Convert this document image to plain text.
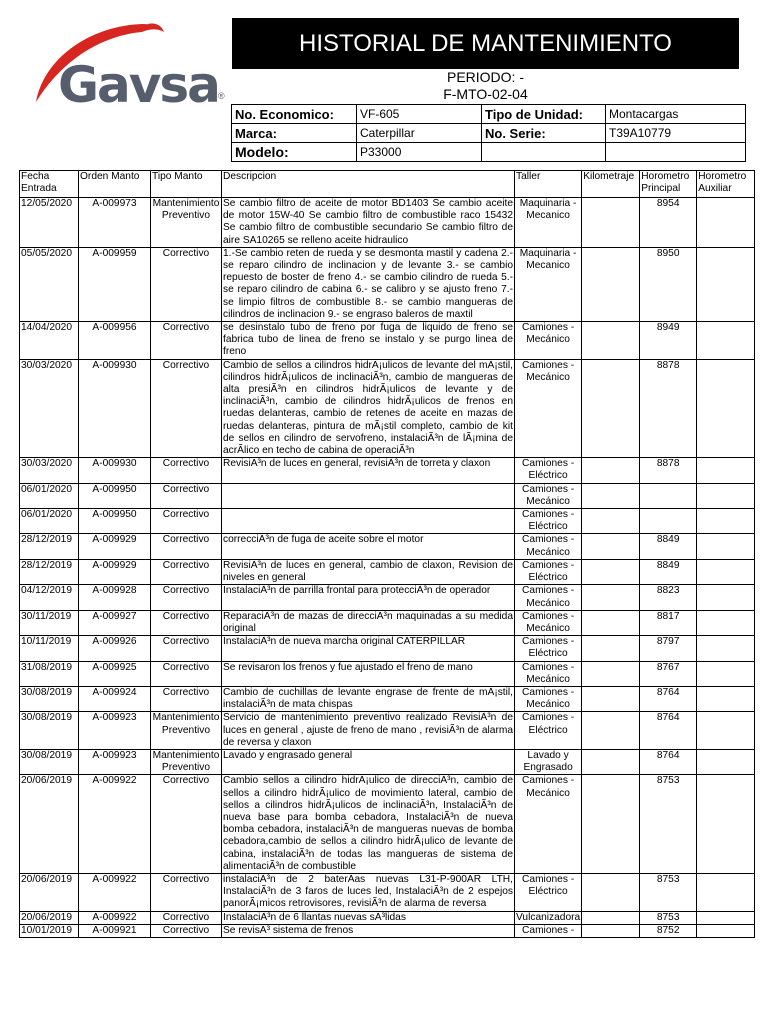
Gavsa ®
HISTORIAL DE MANTENIMIENTO
PERIODO: -
F-MTO-02-04
No. Economico:	VF-605	Tipo de Unidad:	Montacargas
Marca:	Caterpillar	No. Serie:	T39A10779
Modelo:	P33000		
Fecha Entrada	Orden Manto	Tipo Manto	Descripcion	Taller	Kilometraje	Horometro Principal	Horometro Auxiliar
12/05/2020	A-009973	Mantenimiento Preventivo	Se cambio filtro de aceite de motor BD1403 Se cambio aceite de motor 15W-40 Se cambio filtro de combustible raco 15432 Se cambio filtro de combustible secundario Se cambio filtro de aire SA10265 se relleno aceite hidraulico	Maquinaria - Mecanico		8954	
05/05/2020	A-009959	Correctivo	1.-Se cambio reten de rueda y se desmonta mastil y cadena 2.- se reparo cilindro de inclinacion y de levante 3.- se cambio repuesto de boster de freno 4.- se cambio cilindro de rueda 5.- se reparo cilindro de cabina 6.- se calibro y se ajusto freno 7.- se limpio filtros de combustible 8.- se cambio mangueras de cilindros de inclinacion 9.- se engraso baleros de maxtil	Maquinaria - Mecanico		8950	
14/04/2020	A-009956	Correctivo	se desinstalo tubo de freno por fuga de liquido de freno se fabrica tubo de linea de freno se instalo y se purgo linea de freno	Camiones - Mecánico		8949	
30/03/2020	A-009930	Correctivo	Cambio de sellos a cilindros hidrÃ¡ulicos de levante del mÃ¡stil, cilindros hidrÃ¡ulicos de inclinaciÃ³n, cambio de mangueras de alta presiÃ³n en cilindros hidrÃ¡ulicos de levante y de inclinaciÃ³n, cambio de cilindros hidrÃ¡ulicos de frenos en ruedas delanteras, cambio de retenes de aceite en mazas de ruedas delanteras, pintura de mÃ¡stil completo, cambio de kit de sellos en cilindro de servofreno, instalaciÃ³n de lÃ¡mina de acrÃlico en techo de cabina de operaciÃ³n	Camiones - Mecánico		8878	
30/03/2020	A-009930	Correctivo	RevisiÃ³n de luces en general, revisiÃ³n de torreta y claxon	Camiones - Eléctrico		8878	
06/01/2020	A-009950	Correctivo		Camiones - Mecánico			
06/01/2020	A-009950	Correctivo		Camiones - Eléctrico			
28/12/2019	A-009929	Correctivo	correcciÃ³n de fuga de aceite sobre el motor	Camiones - Mecánico		8849	
28/12/2019	A-009929	Correctivo	RevisiÃ³n de luces en general, cambio de claxon, Revision de niveles en general	Camiones - Eléctrico		8849	
04/12/2019	A-009928	Correctivo	InstalaciÃ³n de parrilla frontal para protecciÃ³n de operador	Camiones - Mecánico		8823	
30/11/2019	A-009927	Correctivo	ReparaciÃ³n de mazas de direcciÃ³n maquinadas a su medida original	Camiones - Mecánico		8817	
10/11/2019	A-009926	Correctivo	InstalaciÃ³n de nueva marcha original CATERPILLAR	Camiones - Eléctrico		8797	
31/08/2019	A-009925	Correctivo	Se revisaron los frenos y fue ajustado el freno de mano	Camiones - Mecánico		8767	
30/08/2019	A-009924	Correctivo	Cambio de cuchillas de levante engrase de frente de mÃ¡stil, instalaciÃ³n de mata chispas	Camiones - Mecánico		8764	
30/08/2019	A-009923	Mantenimiento Preventivo	Servicio de mantenimiento preventivo realizado RevisiÃ³n de luces en general , ajuste de freno de mano , revisiÃ³n de alarma de reversa y claxon	Camiones - Eléctrico		8764	
30/08/2019	A-009923	Mantenimiento Preventivo	Lavado y engrasado general	Lavado y Engrasado		8764	
20/06/2019	A-009922	Correctivo	Cambio sellos a cilindro hidrÃ¡ulico de direcciÃ³n, cambio de sellos a cilindro hidrÃ¡ulico de movimiento lateral, cambio de sellos a cilindros hidrÃ¡ulicos de inclinaciÃ³n, InstalaciÃ³n de nueva base para bomba cebadora, InstalaciÃ³n de nueva bomba cebadora, instalaciÃ³n de mangueras nuevas de bomba cebadora,cambio de sellos a cilindro hidrÃ¡ulico de levante de cabina, instalaciÃ³n de todas las mangueras de sistema de alimentaciÃ³n de combustible	Camiones - Mecánico		8753	
20/06/2019	A-009922	Correctivo	instalaciÃ³n de 2 baterÃas nuevas L31-P-900AR LTH, InstalaciÃ³n de 3 faros de luces led, InstalaciÃ³n de 2 espejos panorÃ¡micos retrovisores, revisiÃ³n de alarma de reversa	Camiones - Eléctrico		8753	
20/06/2019	A-009922	Correctivo	InstalaciÃ³n de 6 llantas nuevas sÃ³lidas	Vulcanizadora		8753	
10/01/2019	A-009921	Correctivo	Se revisÃ³ sistema de frenos	Camiones -		8752	
